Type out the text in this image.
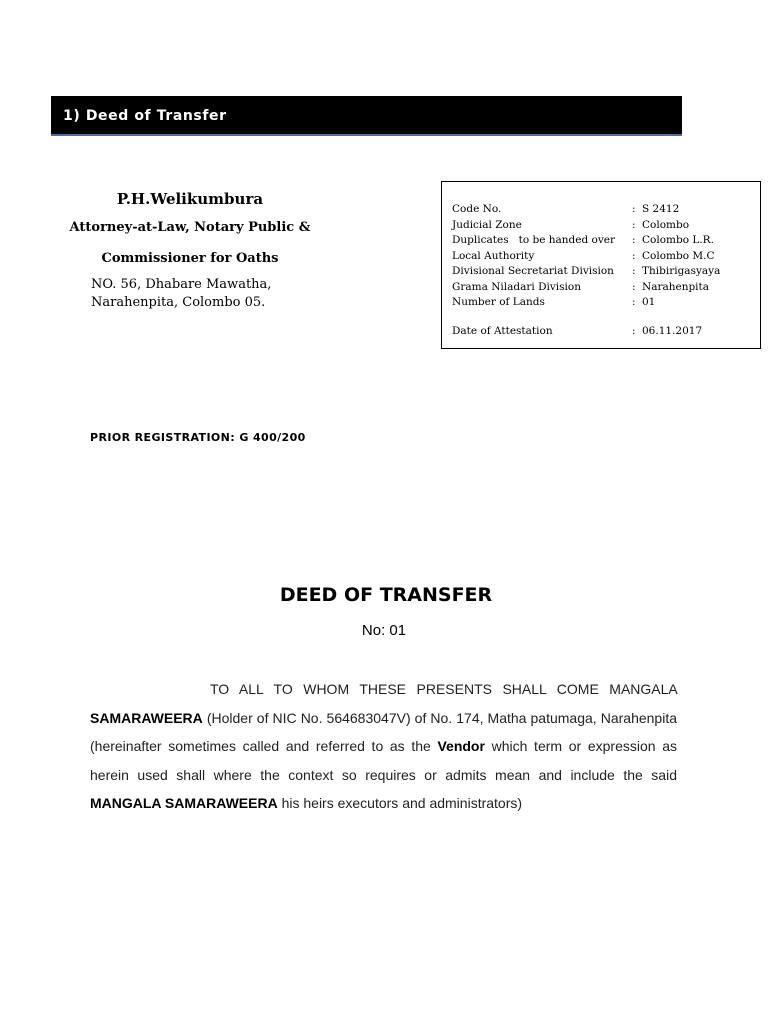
1) Deed of Transfer
P.H.Welikumbura
Attorney-at-Law, Notary Public &
Commissioner for Oaths
NO. 56, Dhabare Mawatha,
Narahenpita, Colombo 05.
Code No.	: S 2412
Judicial Zone	: Colombo
Duplicates   to be handed over	: Colombo L.R.
Local Authority	: Colombo M.C
Divisional Secretariat Division	: Thibirigasyaya
Grama Niladari Division	: Narahenpita
Number of Lands	: 01
Date of Attestation	: 06.11.2017
PRIOR REGISTRATION: G 400/200
DEED OF TRANSFER
No: 01
TO ALL TO WHOM THESE PRESENTS SHALL COME MANGALA SAMARAWEERA (Holder of NIC No. 564683047V) of No. 174, Matha patumaga, Narahenpita (hereinafter sometimes called and referred to as the Vendor which term or expression as herein used shall where the context so requires or admits mean and include the said MANGALA SAMARAWEERA his heirs executors and administrators)
